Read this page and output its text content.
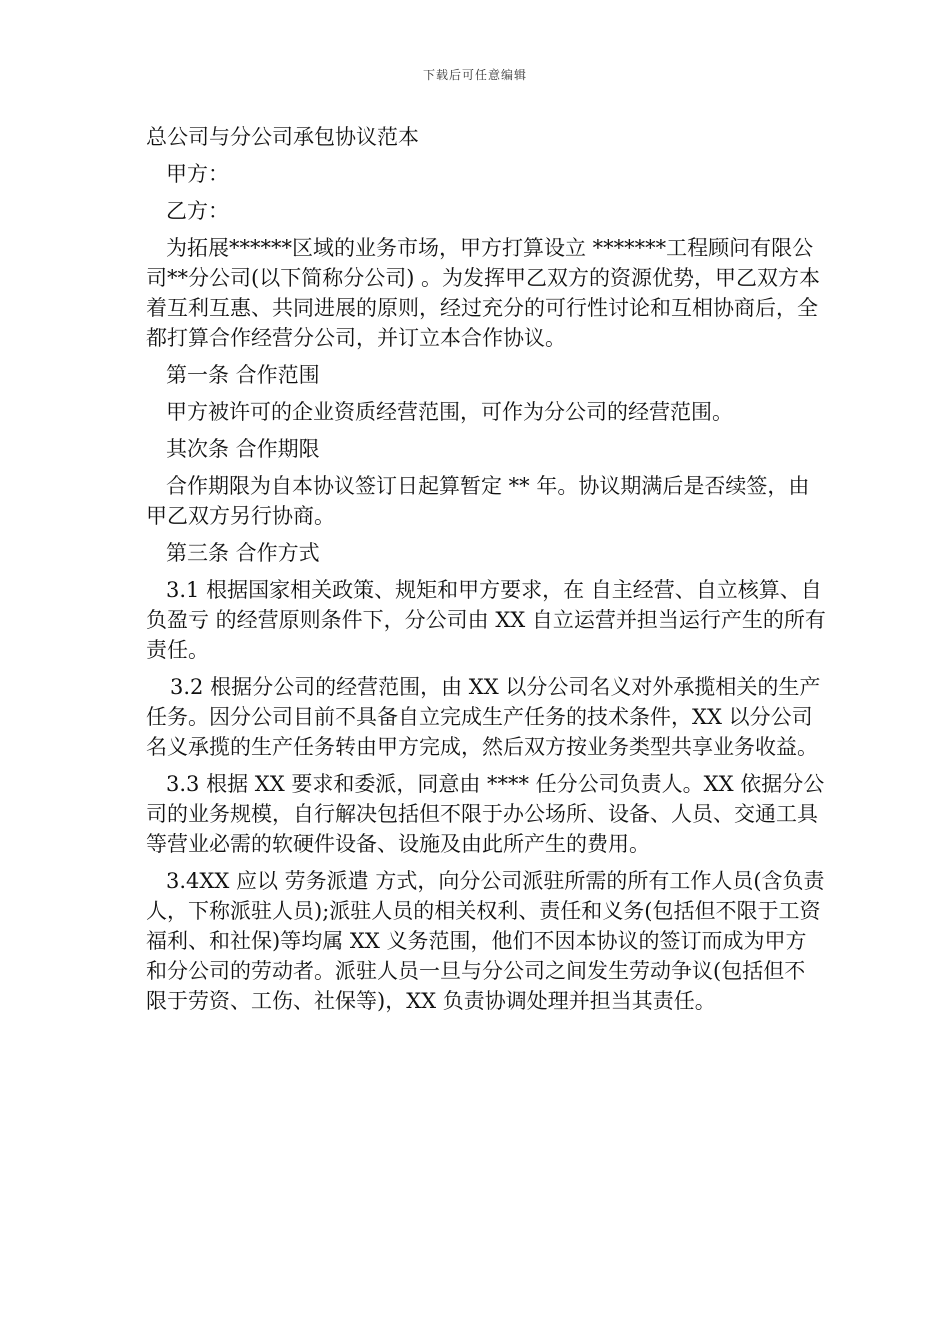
下载后可任意编辑

总公司与分公司承包协议范本

甲方：

乙方：

为拓展******区域的业务市场，甲方打算设立 *******工程顾问有限公司**分公司(以下简称分公司) 。为发挥甲乙双方的资源优势，甲乙双方本着互利互惠、共同进展的原则，经过充分的可行性讨论和互相协商后，全都打算合作经营分公司，并订立本合作协议。

第一条 合作范围

甲方被许可的企业资质经营范围，可作为分公司的经营范围。

其次条 合作期限

合作期限为自本协议签订日起算暂定 ** 年。协议期满后是否续签，由甲乙双方另行协商。

第三条 合作方式

3.1 根据国家相关政策、规矩和甲方要求，在 自主经营、自立核算、自负盈亏 的经营原则条件下，分公司由 XX 自立运营并担当运行产生的所有责任。

3.2 根据分公司的经营范围，由 XX 以分公司名义对外承揽相关的生产任务。因分公司目前不具备自立完成生产任务的技术条件，XX 以分公司名义承揽的生产任务转由甲方完成，然后双方按业务类型共享业务收益。

3.3 根据 XX 要求和委派，同意由 **** 任分公司负责人。XX 依据分公司的业务规模，自行解决包括但不限于办公场所、设备、人员、交通工具等营业必需的软硬件设备、设施及由此所产生的费用。

3.4XX 应以 劳务派遣 方式，向分公司派驻所需的所有工作人员(含负责人，下称派驻人员);派驻人员的相关权利、责任和义务(包括但不限于工资福利、和社保)等均属 XX 义务范围，他们不因本协议的签订而成为甲方和分公司的劳动者。派驻人员一旦与分公司之间发生劳动争议(包括但不限于劳资、工伤、社保等)，XX 负责协调处理并担当其责任。
